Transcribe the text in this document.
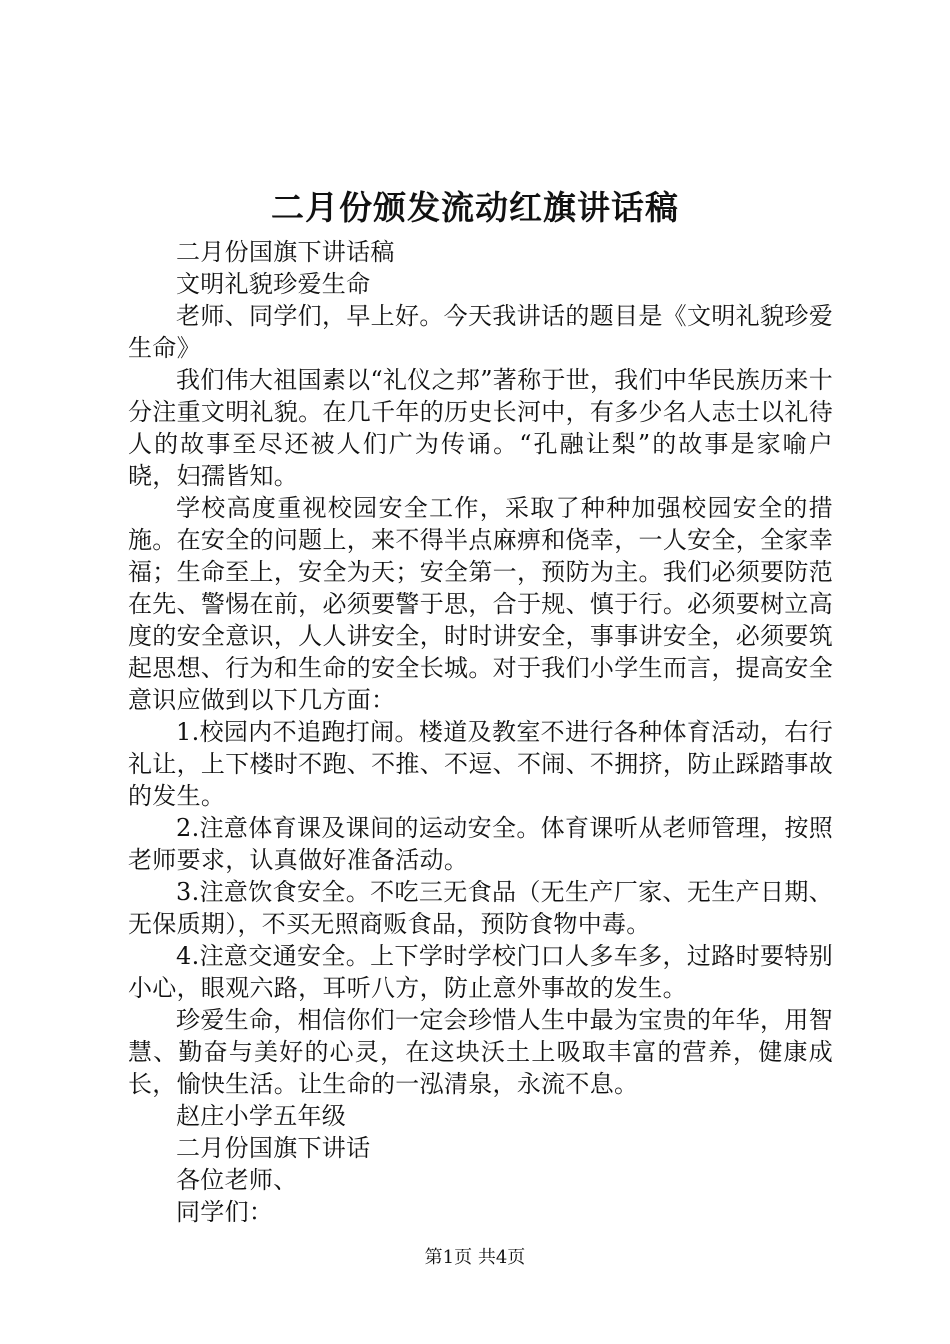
二月份颁发流动红旗讲话稿

二月份国旗下讲话稿

文明礼貌珍爱生命

老师、同学们，早上好。今天我讲话的题目是《文明礼貌珍爱生命》

我们伟大祖国素以“礼仪之邦”著称于世，我们中华民族历来十分注重文明礼貌。在几千年的历史长河中，有多少名人志士以礼待人的故事至尽还被人们广为传诵。“孔融让梨”的故事是家喻户晓，妇孺皆知。

学校高度重视校园安全工作，采取了种种加强校园安全的措施。在安全的问题上，来不得半点麻痹和侥幸，一人安全，全家幸福；生命至上，安全为天；安全第一，预防为主。我们必须要防范在先、警惕在前，必须要警于思，合于规、慎于行。必须要树立高度的安全意识，人人讲安全，时时讲安全，事事讲安全，必须要筑起思想、行为和生命的安全长城。对于我们小学生而言，提高安全意识应做到以下几方面：

1.校园内不追跑打闹。楼道及教室不进行各种体育活动，右行礼让，上下楼时不跑、不推、不逗、不闹、不拥挤，防止踩踏事故的发生。

2.注意体育课及课间的运动安全。体育课听从老师管理，按照老师要求，认真做好准备活动。

3.注意饮食安全。不吃三无食品（无生产厂家、无生产日期、无保质期），不买无照商贩食品，预防食物中毒。

4.注意交通安全。上下学时学校门口人多车多，过路时要特别小心，眼观六路，耳听八方，防止意外事故的发生。

珍爱生命，相信你们一定会珍惜人生中最为宝贵的年华，用智慧、勤奋与美好的心灵，在这块沃土上吸取丰富的营养，健康成长，愉快生活。让生命的一泓清泉，永流不息。

赵庄小学五年级

二月份国旗下讲话

各位老师、

同学们：

第1页 共4页
